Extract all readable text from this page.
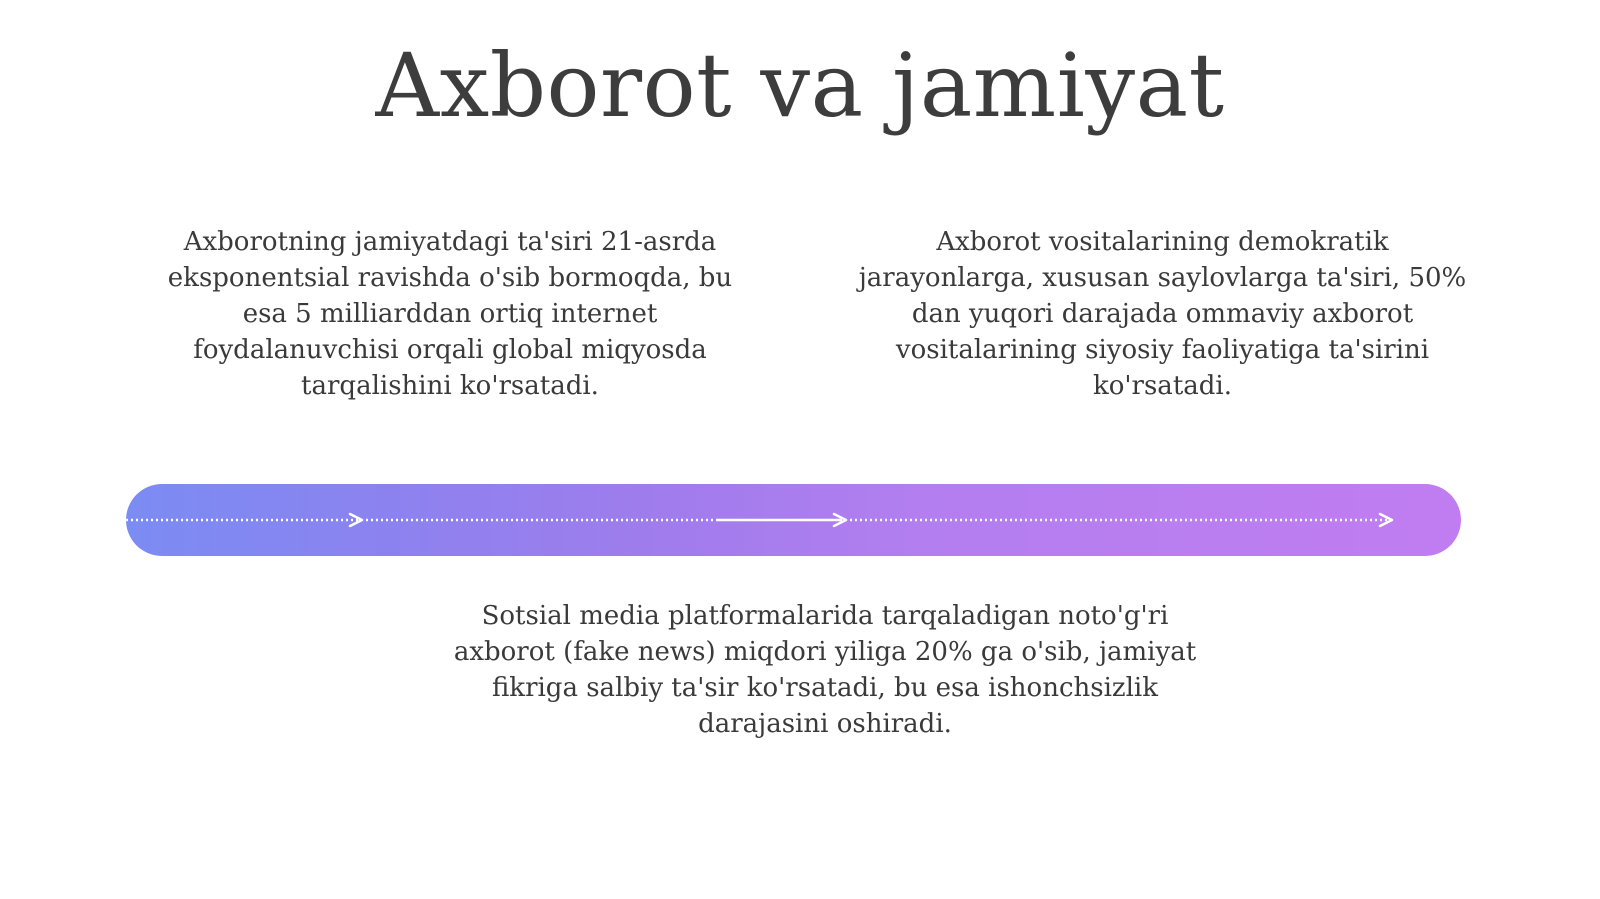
Axborot va jamiyat
Axborotning jamiyatdagi ta'siri 21-asrda eksponentsial ravishda o'sib bormoqda, bu esa 5 milliarddan ortiq internet foydalanuvchisi orqali global miqyosda tarqalishini ko'rsatadi.
Axborot vositalarining demokratik jarayonlarga, xususan saylovlarga ta'siri, 50% dan yuqori darajada ommaviy axborot vositalarining siyosiy faoliyatiga ta'sirini ko'rsatadi.
Sotsial media platformalarida tarqaladigan noto'g'ri axborot (fake news) miqdori yiliga 20% ga o'sib, jamiyat fikriga salbiy ta'sir ko'rsatadi, bu esa ishonchsizlik darajasini oshiradi.
